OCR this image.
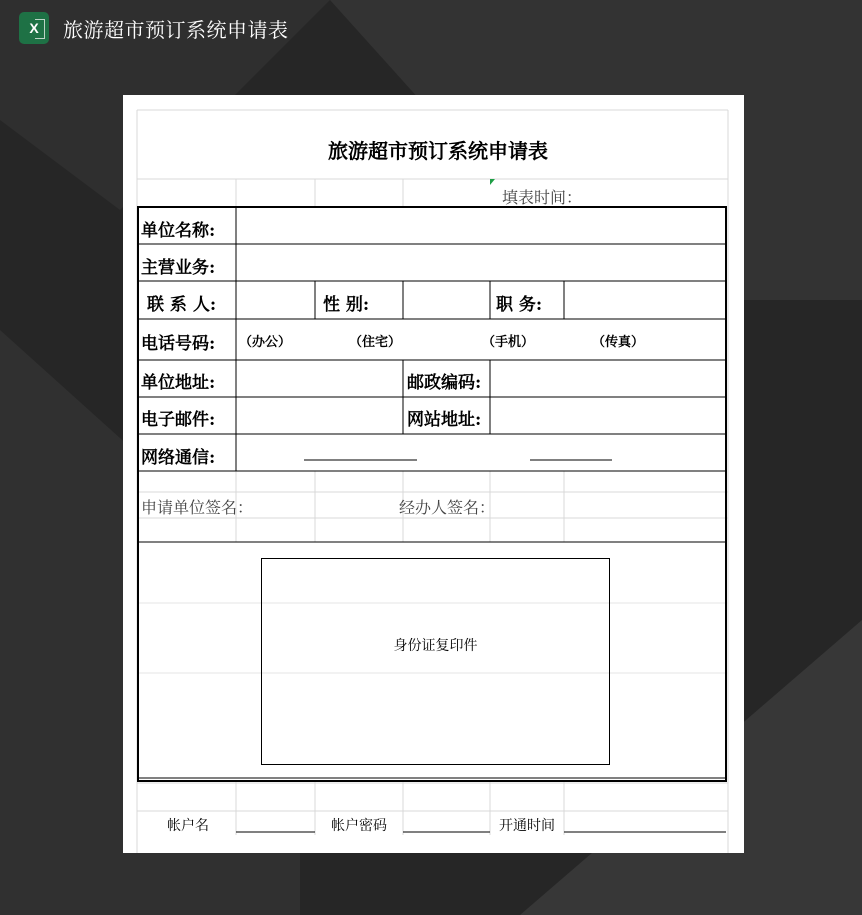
X	旅游超市预订系统申请表
旅游超市预订系统申请表
填表时间：
单位名称:
主营业务:
联 系 人:	性 别:	职 务:
电话号码: （办公）	（住宅）	（手机）	（传真）
单位地址:	邮政编码:
电子邮件:	网站地址:
网络通信:
申请单位签名：	经办人签名：
身份证复印件
帐户名	帐户密码	开通时间
